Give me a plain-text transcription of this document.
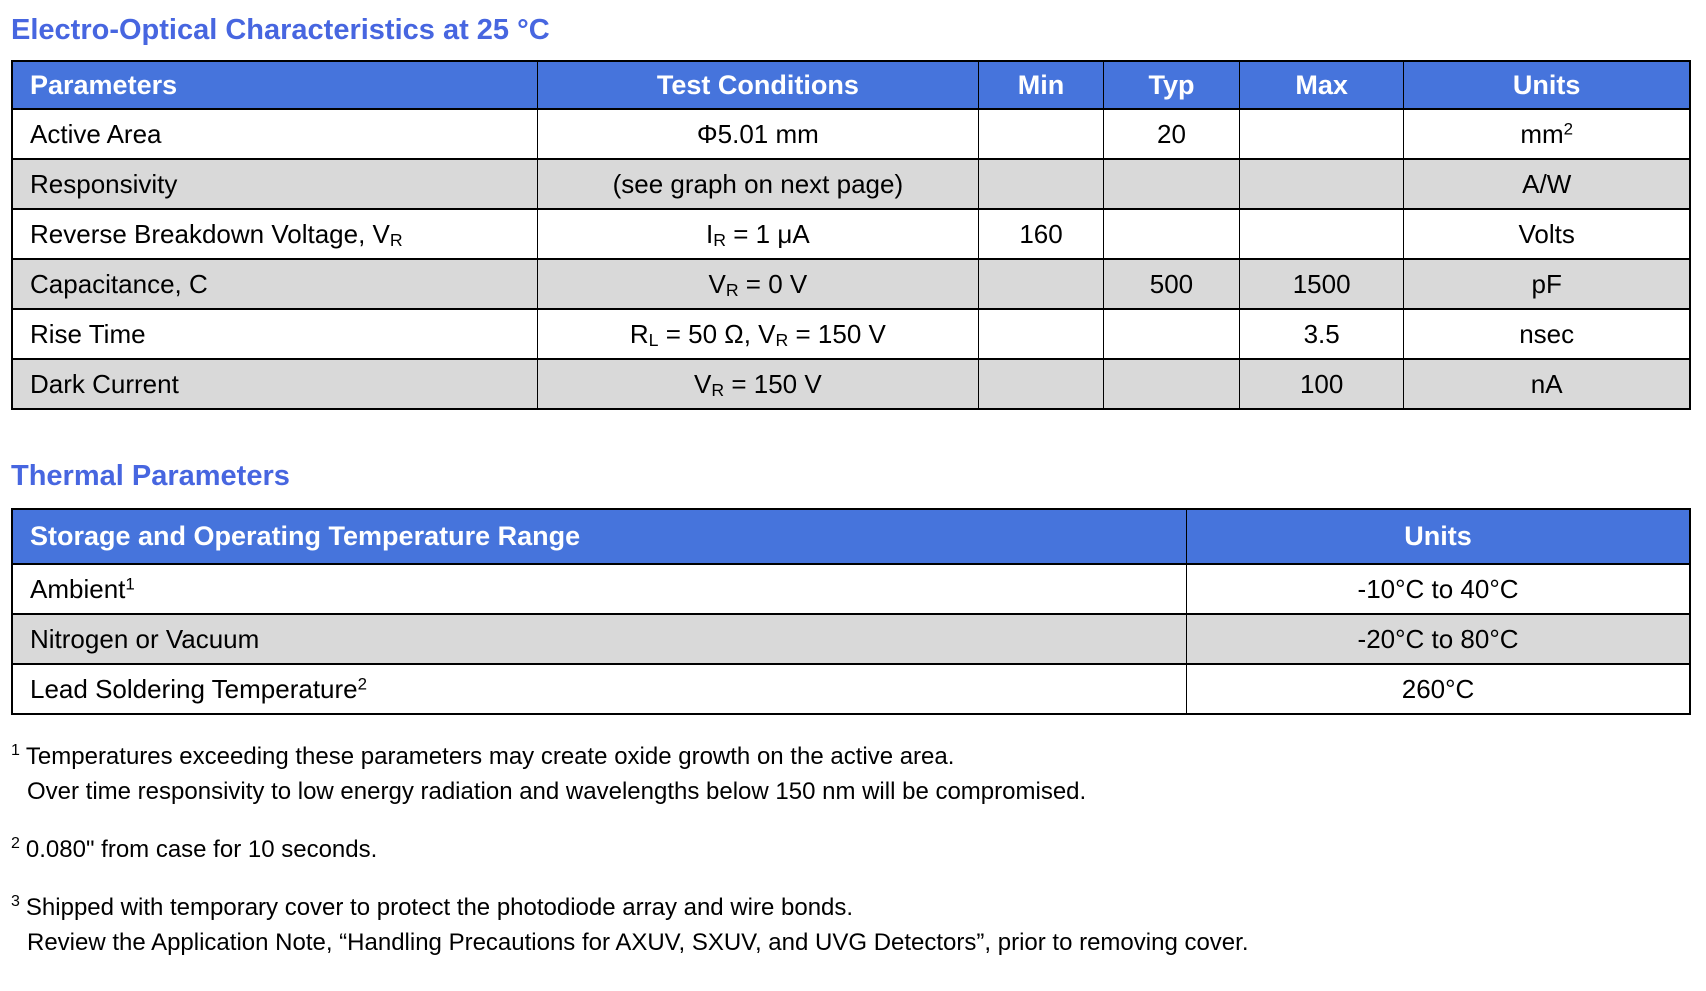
Electro-Optical Characteristics at 25 °C
Parameters	Test Conditions	Min	Typ	Max	Units
Active Area	Φ5.01 mm		20		$mm^2$
Responsivity	(see graph on next page)				A/W
Reverse Breakdown Voltage, $V_R$	$I_R = 1$ μA	160			Volts
Capacitance, C	$V_R = 0$ V		500	1500	pF
Rise Time	$R_L = 50$ Ω, $V_R = 150$ V			3.5	nsec
Dark Current	$V_R = 150$ V			100	nA
Thermal Parameters
Storage and Operating Temperature Range	Units
Ambient$^1$	-10°C to 40°C
Nitrogen or Vacuum	-20°C to 80°C
Lead Soldering Temperature$^2$	260°C
$^1$ Temperatures exceeding these parameters may create oxide growth on the active area.
Over time responsivity to low energy radiation and wavelengths below 150 nm will be compromised.
$^2$ 0.080" from case for 10 seconds.
$^3$ Shipped with temporary cover to protect the photodiode array and wire bonds.
Review the Application Note, “Handling Precautions for AXUV, SXUV, and UVG Detectors”, prior to removing cover.
